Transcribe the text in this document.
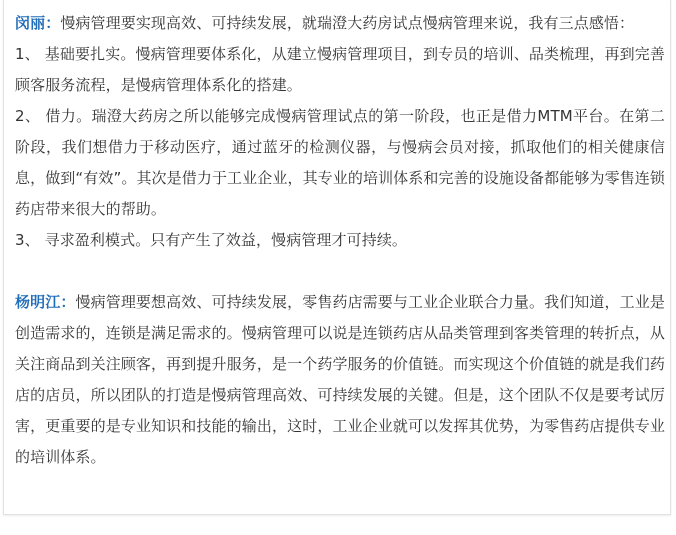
闵丽：慢病管理要实现高效、可持续发展，就瑞澄大药房试点慢病管理来说，我有三点感悟：

1、 基础要扎实。慢病管理要体系化，从建立慢病管理项目，到专员的培训、品类梳理，再到完善顾客服务流程，是慢病管理体系化的搭建。

2、 借力。瑞澄大药房之所以能够完成慢病管理试点的第一阶段，也正是借力MTM平台。在第二阶段，我们想借力于移动医疗，通过蓝牙的检测仪器，与慢病会员对接，抓取他们的相关健康信息，做到“有效”。其次是借力于工业企业，其专业的培训体系和完善的设施设备都能够为零售连锁药店带来很大的帮助。

3、 寻求盈利模式。只有产生了效益，慢病管理才可持续。

杨明江：慢病管理要想高效、可持续发展，零售药店需要与工业企业联合力量。我们知道，工业是创造需求的，连锁是满足需求的。慢病管理可以说是连锁药店从品类管理到客类管理的转折点，从关注商品到关注顾客，再到提升服务，是一个药学服务的价值链。而实现这个价值链的就是我们药店的店员，所以团队的打造是慢病管理高效、可持续发展的关键。但是，这个团队不仅是要考试厉害，更重要的是专业知识和技能的输出，这时，工业企业就可以发挥其优势，为零售药店提供专业的培训体系。
